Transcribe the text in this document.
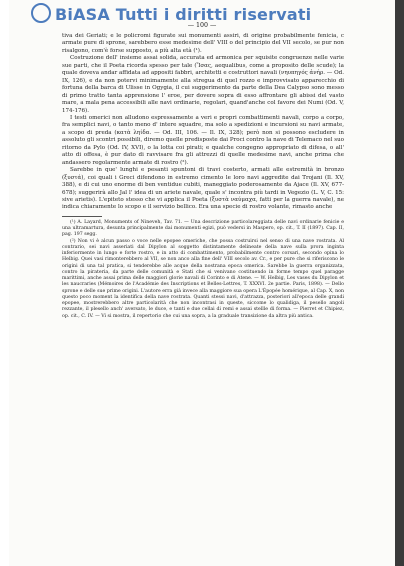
BiASA Tutti i diritti riservati
— 100 —

tiva dei Geriati; e le policromi figurate sui monumenti assiri, di origine probabilmente fenicia, c armate pure di sprone, sarebbero esse medesime dell' VIII o del principio del VII secolo, se pur non risalgono, com'è forse supposto, a più alta età (¹).

Costruzione dell' insieme assai solida, accurata ed armonica per squisite congruenze nelle varie sue parti, che il Poeta ricorda spesso per tale (Ἴσας, aequalibus, come a proposito delle scude); la quale doveva andar affidata ad appositi fabbri, architetti e costruttori navali (νηυπηγός ἀνήρ. — Od. IX, 126), e da non potervi minimamente alla stregua di quel rozzo e improvvisato apparecchio di fortuna della barca di Ulisse in Ogygia, il cui suggerimento da parte della Dea Calypso sono messo di primo tratto tanta apprensione l' eroe, per dovere sopra di esso affrontare gli abissi del vasto mare, a mala pena accessibili alle navi ordinarie, regolari, quand'anche col favore dei Numi (Od. V, 174-176).

I testi omerici non alludono espressamente a veri e propri combattimenti navali, corpo a corpo, fra semplici navi, o tanto meno d' intere squadre, ma solo a spedizioni e incursioni su navi armate, a scopo di preda (κατὰ ληίδα. — Od. III, 106. — Il. IX, 328); però non si possono escludere in assoluto gli scontri possibili, diremo quelle predisposte dai Proci contro la nave di Telemaco nel suo ritorno da Pylo (Od. IV, XVI), o la lotta coi pirati; e qualche congegno appropriato di difesa, o all' atto di offesa, è pur dato di ravvisare fra gli attrezzi di quelle medesime navi, anche prima che andassero regolarmente armate di rostro (²).

Sarebbe in que' lunghi e pesanti spuntoni di travi costerto, armati alle estremità in bronzo (ξυστά), coi quali i Greci difendono in estremo cimento le loro navi aggredite dai Trojani (Il. XV, 388), e di cui uno enorme di ben ventidue cubiti, maneggiato poderosamente da Ajace (Il. XV, 677-678); suggerirà allo Jal l' idea di un ariete navale, quale s' incontra più tardi in Vegezio (L. V, C. 15: sive arietis). L'epiteto stesso che vi applica il Poeta (ξυστὰ ναύμαχα, fatti per la guerra navale), ne indica chiaramente lo scopo e il servizio bellico. Era una specie di rostro volante, rimasto anche

(¹) A. Layard, Monuments of Nineveh, Tav. 71. — Una descrizione particolareggiata delle navi ordinarie fenicie e una ultramartura, desunta principalmente dai monumenti egizi, può vedersi in Maspero, op. cit., T. II (1897). Cap. II, pag. 197 segg.

(²) Non vi è alcun passo o voce nelle epopee omeriche, che possa costruirsi nel senso di una nave rostrata. Al contrario, sei navi asseriati dal Dipylon al soggetto distintamente delineate della nave sulla prora inginta inferiormente in lungo e forte rostro, e in atto di combattimento, probabilmente contro corsari, secondo opina lo Helbig. Quei vasi rimonterebbero al VII, se non anco alla fine dell' VIII secolo av. Cr., e per pure che si riferiscono le origini di una tal pratica, si tenderebbe alle acque della nostrana epoca omerica. Sarebbe la guerra organizzata, contro la pirateria, da parte delle comunità e Stati che si venivano costituendo in forme tempo quel paragge marittimi, anche assai prima delle maggiori glorie navali di Corinto e di Atene. — W. Helbig, Les vases du Dipylon et les naucraries (Mémoires de l'Académie des Inscriptions et Belles-Lettres, T. XXXVI. 2e partie. Paris, 1898). — Dello sprone e delle sue prime origini. L'autore erra già invece alla maggiore sua opera L'Épopée homérique, al Cap. X, non questo poco moment la identifica della nave rostrata. Quanti stessi navi, d'attrazza, posteriori all'epoca delle grandi epopee, mostrerebbero altre particolarità che non incontrasi in queste, siccome lo qualidiga, il pesello angoli rezzante, il plesello anch' aversato, le duce, e tanti e due cellai di remi e assai stellle di forma. — Pierret et Chipiez, op. cit., C. IV. — Vi si mostra, il repertorio che cui una sopra, a la graduale transizione da altra più antica.
